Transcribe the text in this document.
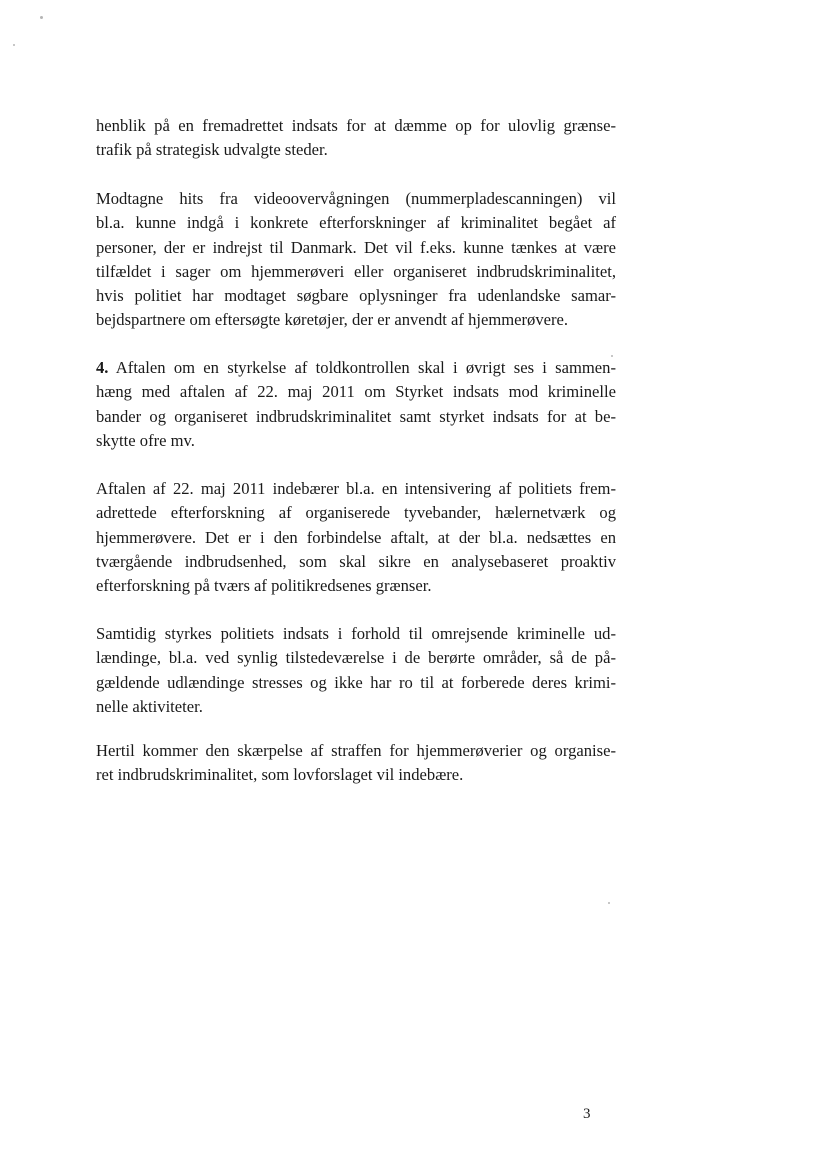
henblik på en fremadrettet indsats for at dæmme op for ulovlig grænse-
trafik på strategisk udvalgte steder.

Modtagne hits fra videoovervågningen (nummerpladescanningen) vil
bl.a. kunne indgå i konkrete efterforskninger af kriminalitet begået af
personer, der er indrejst til Danmark. Det vil f.eks. kunne tænkes at være
tilfældet i sager om hjemmerøveri eller organiseret indbrudskriminalitet,
hvis politiet har modtaget søgbare oplysninger fra udenlandske samar-
bejdspartnere om eftersøgte køretøjer, der er anvendt af hjemmerøvere.

4. Aftalen om en styrkelse af toldkontrollen skal i øvrigt ses i sammen-
hæng med aftalen af 22. maj 2011 om Styrket indsats mod kriminelle
bander og organiseret indbrudskriminalitet samt styrket indsats for at be-
skytte ofre mv.

Aftalen af 22. maj 2011 indebærer bl.a. en intensivering af politiets frem-
adrettede efterforskning af organiserede tyvebander, hælernetværk og
hjemmerøvere. Det er i den forbindelse aftalt, at der bl.a. nedsættes en
tværgående indbrudsenhed, som skal sikre en analysebaseret proaktiv
efterforskning på tværs af politikredsenes grænser.

Samtidig styrkes politiets indsats i forhold til omrejsende kriminelle ud-
lændinge, bl.a. ved synlig tilstedeværelse i de berørte områder, så de på-
gældende udlændinge stresses og ikke har ro til at forberede deres krimi-
nelle aktiviteter.

Hertil kommer den skærpelse af straffen for hjemmerøverier og organise-
ret indbrudskriminalitet, som lovforslaget vil indebære.

3
